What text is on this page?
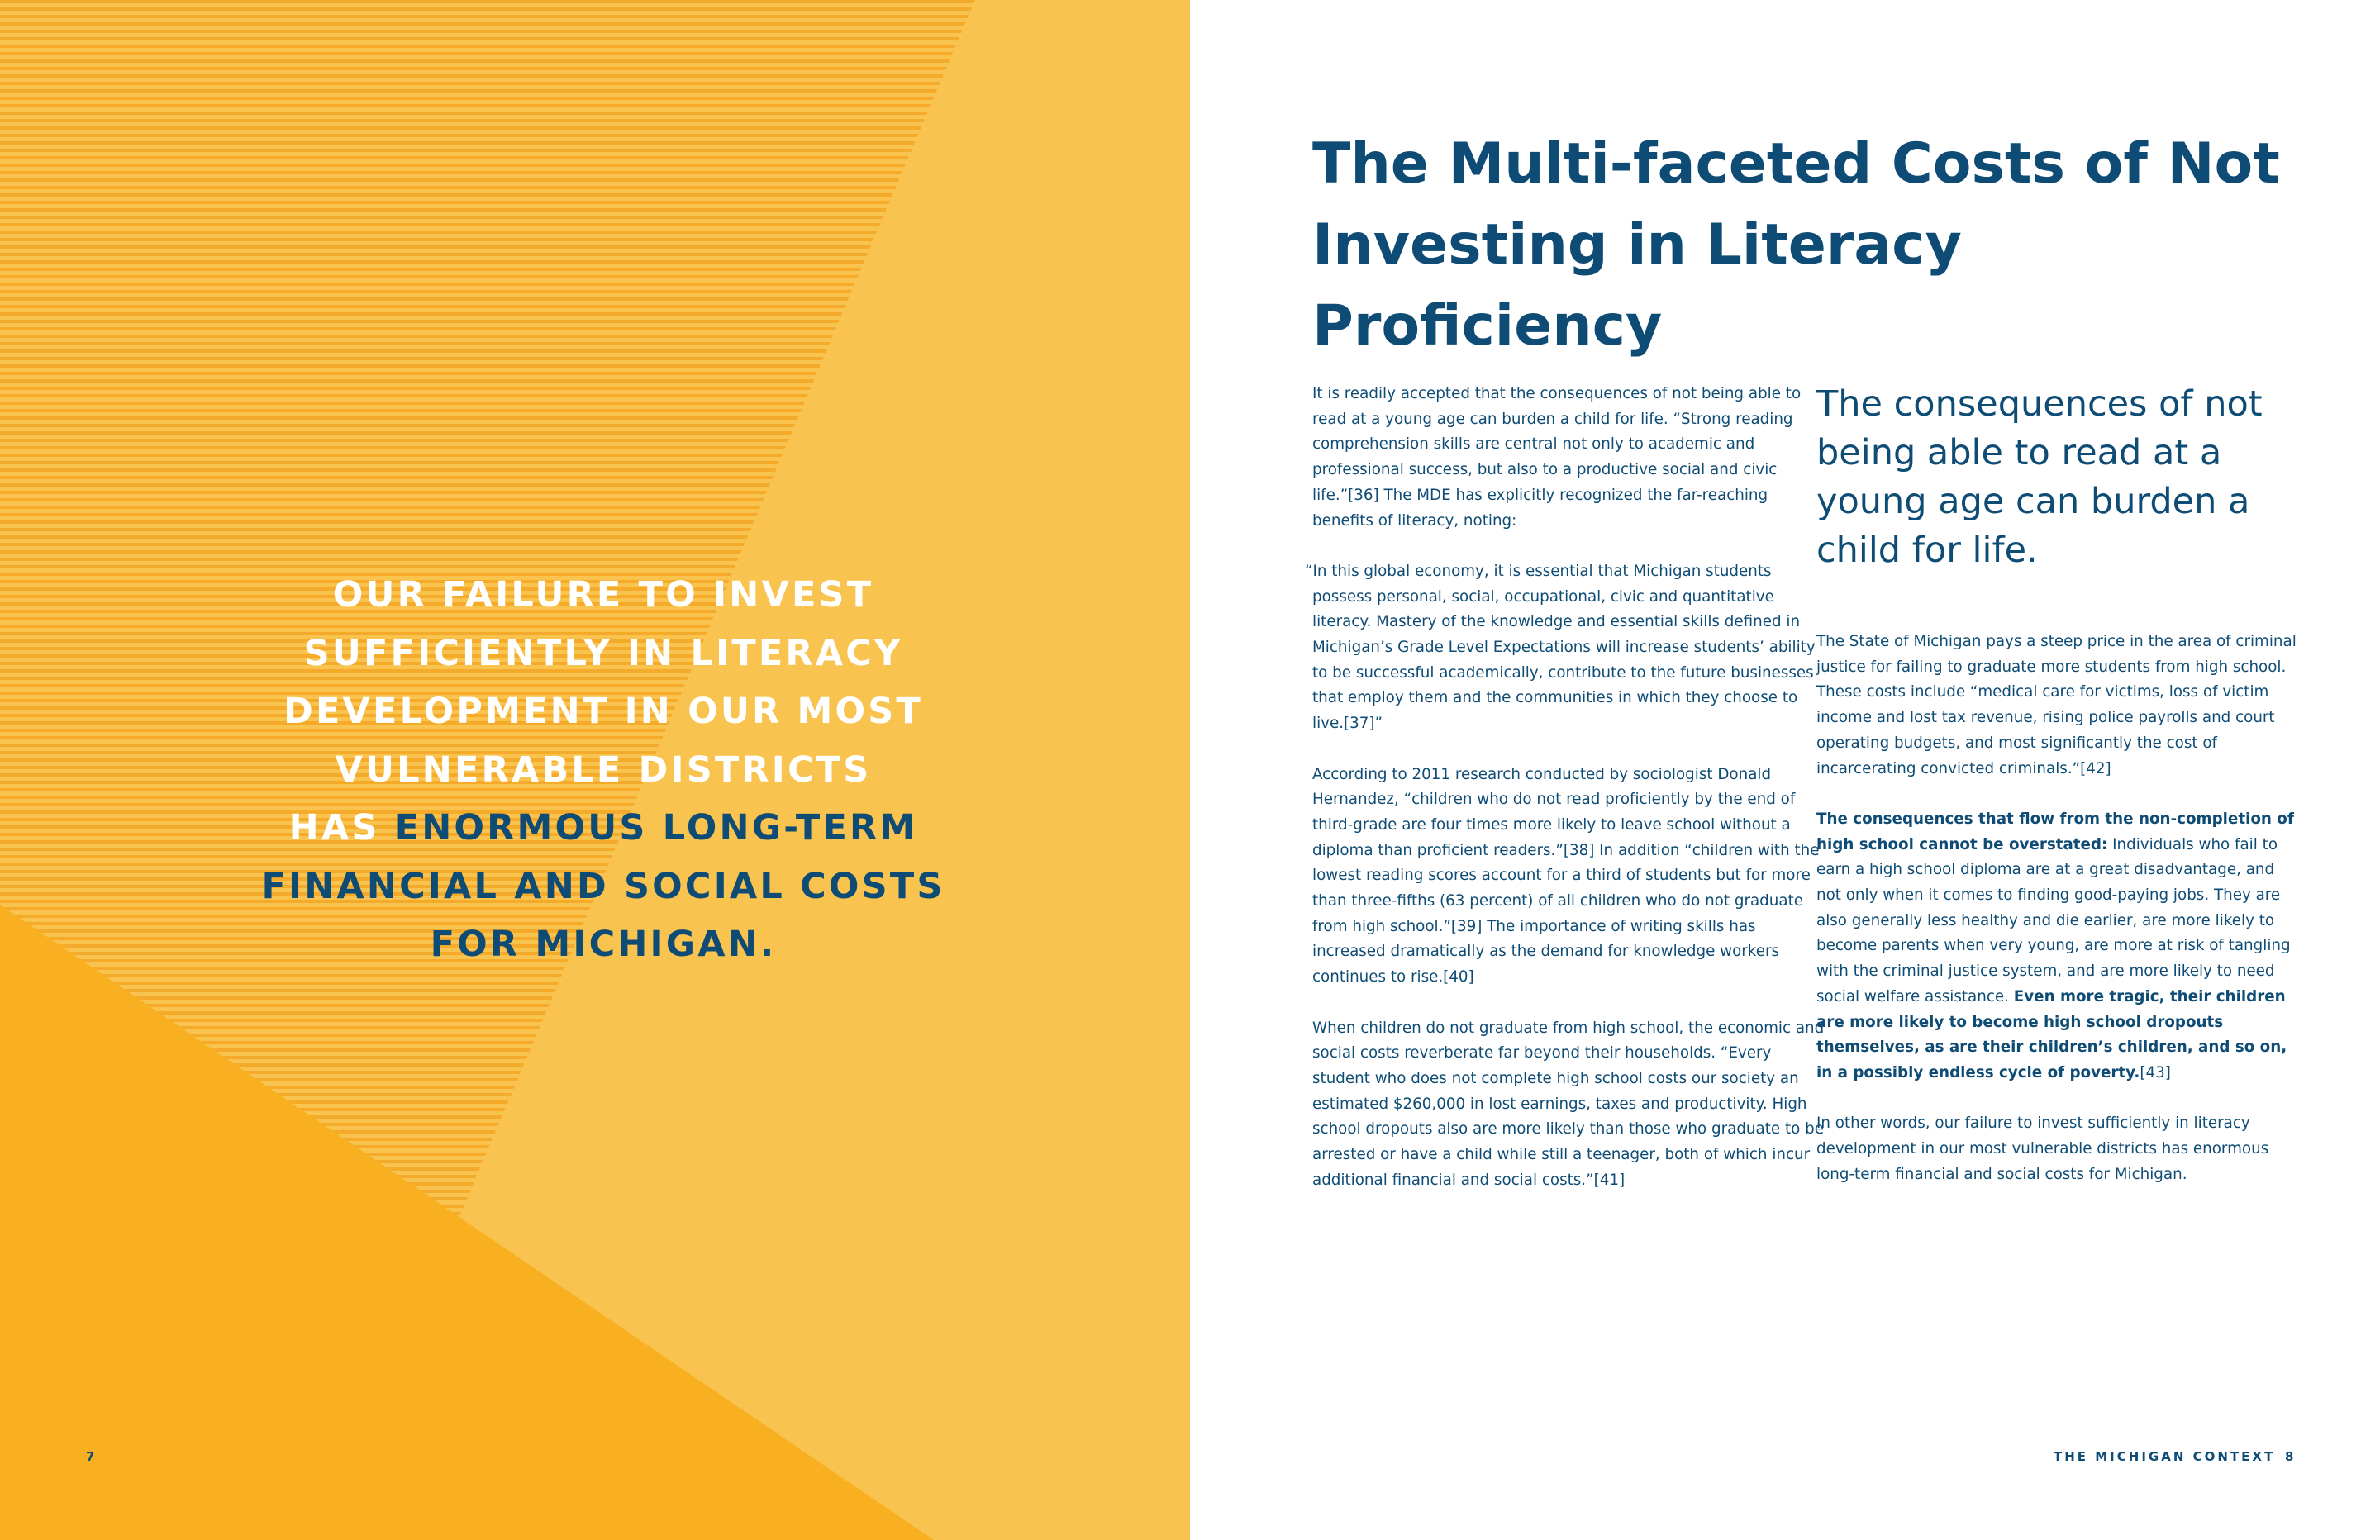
OUR FAILURE TO INVEST
SUFFICIENTLY IN LITERACY
DEVELOPMENT IN OUR MOST
VULNERABLE DISTRICTS
HAS ENORMOUS LONG-TERM
FINANCIAL AND SOCIAL COSTS
FOR MICHIGAN.
7
The Multi-faceted Costs of Not
Investing in Literacy Proficiency

It is readily accepted that the consequences of not being able to read at a young age can burden a child for life. “Strong reading comprehension skills are central not only to academic and professional success, but also to a productive social and civic life.”[36] The MDE has explicitly recognized the far-reaching benefits of literacy, noting:

“In this global economy, it is essential that Michigan students possess personal, social, occupational, civic and quantitative literacy. Mastery of the knowledge and essential skills defined in Michigan’s Grade Level Expectations will increase students’ ability to be successful academically, contribute to the future businesses that employ them and the communities in which they choose to live.[37]”

According to 2011 research conducted by sociologist Donald Hernandez, “children who do not read proficiently by the end of third-grade are four times more likely to leave school without a diploma than proficient readers.”[38] In addition “children with the lowest reading scores account for a third of students but for more than three-fifths (63 percent) of all children who do not graduate from high school.”[39] The importance of writing skills has increased dramatically as the demand for knowledge workers continues to rise.[40]

When children do not graduate from high school, the economic and social costs reverberate far beyond their households. “Every student who does not complete high school costs our society an estimated $260,000 in lost earnings, taxes and productivity. High school dropouts also are more likely than those who graduate to be arrested or have a child while still a teenager, both of which incur additional financial and social costs.”[41]

The consequences of not being able to read at a young age can burden a child for life.

The State of Michigan pays a steep price in the area of criminal justice for failing to graduate more students from high school. These costs include “medical care for victims, loss of victim income and lost tax revenue, rising police payrolls and court operating budgets, and most significantly the cost of incarcerating convicted criminals.”[42]

The consequences that flow from the non-completion of high school cannot be overstated: Individuals who fail to earn a high school diploma are at a great disadvantage, and not only when it comes to finding good-paying jobs. They are also generally less healthy and die earlier, are more likely to become parents when very young, are more at risk of tangling with the criminal justice system, and are more likely to need social welfare assistance. Even more tragic, their children are more likely to become high school dropouts themselves, as are their children’s children, and so on, in a possibly endless cycle of poverty.[43]

In other words, our failure to invest sufficiently in literacy development in our most vulnerable districts has enormous long-term financial and social costs for Michigan.

THE MICHIGAN CONTEXT 8
